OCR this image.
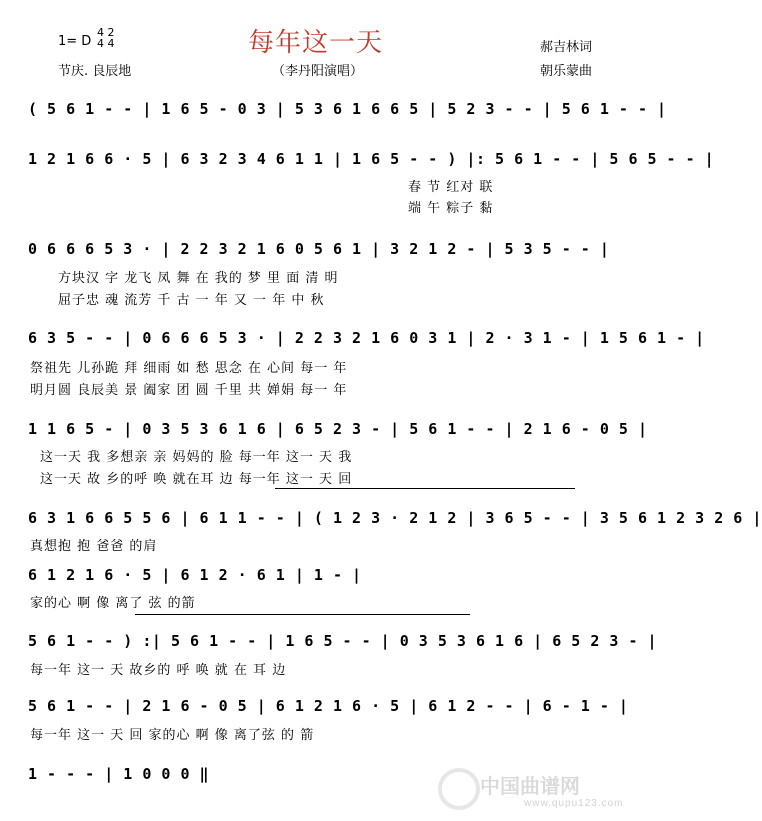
1= D
4 2
4 4	每年这一天	郝吉林词
节庆. 良辰地	（李丹阳演唱）	朝乐蒙曲
( 5 6 1 - - | 1 6 5 - 0 3 | 5 3 6 1 6 6 5 | 5 2 3 - - | 5 6 1 - - |
1 2 1 6 6 · 5 | 6 3 2 3 4 6 1 1 | 1 6 5 - - ) |: 5 6 1 - - | 5 6 5 - - |
春 节 红对 联
端 午 粽子 黏
0 6 6 6 5 3 · | 2 2 3 2 1 6 0 5 6 1 | 3 2 1 2 - | 5 3 5 - - |
方块汉 字 龙飞 凤 舞 在 我的 梦 里 面 清 明
屈子忠 魂 流芳 千 古 一 年 又 一 年 中 秋
6 3 5 - - | 0 6 6 6 5 3 · | 2 2 3 2 1 6 0 3 1 | 2 · 3 1 - | 1 5 6 1 - |
祭祖先 儿孙跪 拜 细雨 如 愁 思念 在 心间 每一 年
明月圆 良辰美 景 阖家 团 圆 千里 共 婵娟 每一 年
1 1 6 5 - | 0 3 5 3 6 1 6 | 6 5 2 3 - | 5 6 1 - - | 2 1 6 - 0 5 |
这一天 我 多想亲 亲 妈妈的 脸 每一年 这一 天 我
这一天 故 乡的呼 唤 就在耳 边 每一年 这一 天 回
6 3 1 6 6 5 5 6 | 6 1 1 - - | ( 1 2 3 · 2 1 2 | 3 6 5 - - | 3 5 6 1 2 3 2 6 |
真想抱 抱 爸爸 的肩
6 1 2 1 6 · 5 | 6 1 2 · 6 1 | 1 - |
家的心 啊 像 离了 弦 的箭
5 6 1 - - ) :| 5 6 1 - - | 1 6 5 - - | 0 3 5 3 6 1 6 | 6 5 2 3 - |
每一年 这一 天 故乡的 呼 唤 就 在 耳 边
5 6 1 - - | 2 1 6 - 0 5 | 6 1 2 1 6 · 5 | 6 1 2 - - | 6 - 1 - |
每一年 这一 天 回 家的心 啊 像 离了弦 的 箭
1 - - - | 1 0 0 0 ‖	中国曲谱网
www.qupu123.com
